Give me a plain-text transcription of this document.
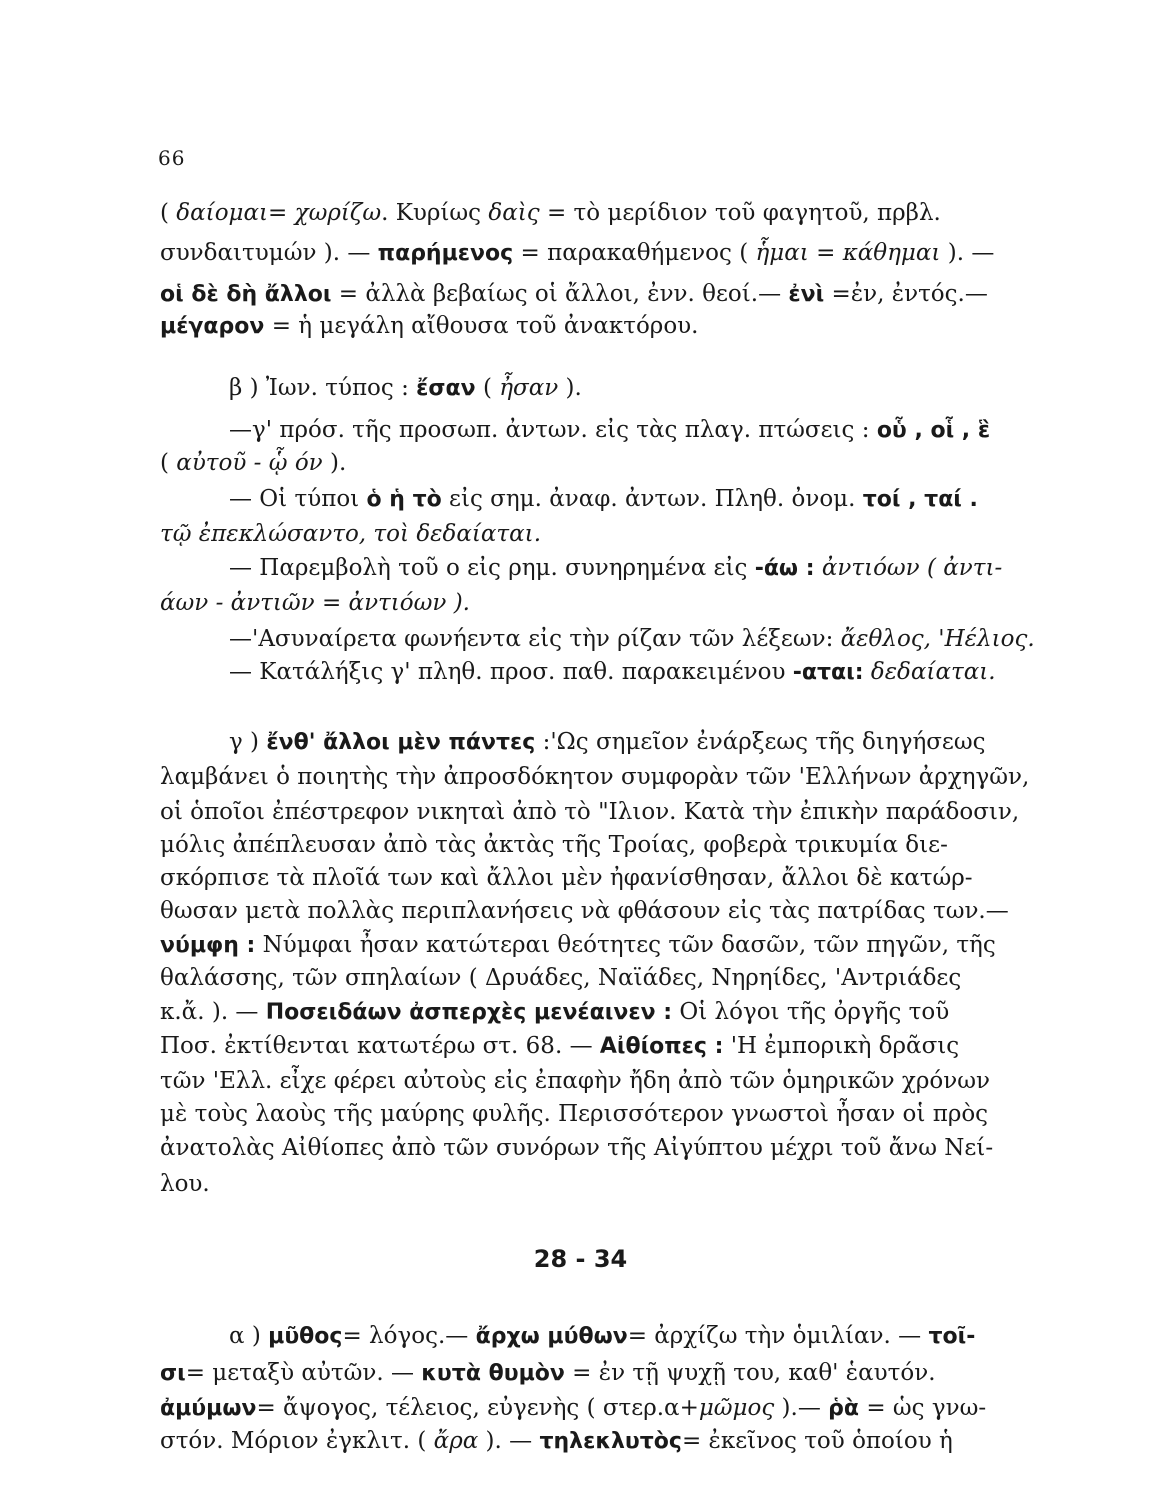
66
( δαίομαι= χωρίζω. Κυρίως δαὶς = τὸ μερίδιον τοῦ φαγητοῦ, πρβλ.
συνδαιτυμών ). — παρήμενος = παρακαθήμενος ( ἧμαι = κάθημαι ). —
οἱ δὲ δὴ ἄλλοι = ἀλλὰ βεβαίως οἱ ἄλλοι, ἐνν. θεοί.— ἐνὶ =ἐν, ἐντός.—
μέγαρον = ἡ μεγάλη αἴθουσα τοῦ ἀνακτόρου.
   β ) Ἰων. τύπος : ἔσαν ( ἦσαν ).
   —γ' πρόσ. τῆς προσωπ. ἀντων. εἰς τὰς πλαγ. πτώσεις : οὗ , οἷ , ἓ
( αὐτοῦ - ᾧ όν ).
   — Οἱ τύποι ὁ ἡ τὸ εἰς σημ. ἀναφ. ἀντων. Πληθ. ὀνομ. τοί , ταί .
τῷ ἐπεκλώσαντο, τοὶ δεδαίαται.
   — Παρεμβολὴ τοῦ ο εἰς ρημ. συνηρημένα εἰς -άω : ἀντιόων ( ἀντι-
άων - ἀντιῶν = ἀντιόων ).
   —'Ασυναίρετα φωνήεντα εἰς τὴν ρίζαν τῶν λέξεων: ἄεθλος, 'Ηέλιος.
   — Κατάλήξις γ' πληθ. προσ. παθ. παρακειμένου -αται: δεδαίαται.
   γ ) ἔνθ' ἄλλοι μὲν πάντες :'Ως σημεῖον ἐνάρξεως τῆς διηγήσεως
λαμβάνει ὁ ποιητὴς τὴν ἀπροσδόκητον συμφορὰν τῶν 'Ελλήνων ἀρχηγῶν,
οἱ ὁποῖοι ἐπέστρεφον νικηταὶ ἀπὸ τὸ "Ιλιον. Κατὰ τὴν ἐπικὴν παράδοσιν,
μόλις ἀπέπλευσαν ἀπὸ τὰς ἀκτὰς τῆς Τροίας, φοβερὰ τρικυμία διε-
σκόρπισε τὰ πλοῖά των καὶ ἄλλοι μὲν ἠφανίσθησαν, ἄλλοι δὲ κατώρ-
θωσαν μετὰ πολλὰς περιπλανήσεις νὰ φθάσουν εἰς τὰς πατρίδας των.—
νύμφη : Νύμφαι ἦσαν κατώτεραι θεότητες τῶν δασῶν, τῶν πηγῶν, τῆς
θαλάσσης, τῶν σπηλαίων ( Δρυάδες, Ναϊάδες, Νηρηίδες, 'Αντριάδες
κ.ἄ. ). — Ποσειδάων ἀσπερχὲς μενέαινεν : Οἱ λόγοι τῆς ὀργῆς τοῦ
Ποσ. ἐκτίθενται κατωτέρω στ. 68. — Αἰθίοπες : 'Η ἐμπορικὴ δρᾶσις
τῶν 'Ελλ. εἶχε φέρει αὐτοὺς εἰς ἐπαφὴν ἤδη ἀπὸ τῶν ὁμηρικῶν χρόνων
μὲ τοὺς λαοὺς τῆς μαύρης φυλῆς. Περισσότερον γνωστοὶ ἦσαν οἱ πρὸς
ἀνατολὰς Αἰθίοπες ἀπὸ τῶν συνόρων τῆς Αἰγύπτου μέχρι τοῦ ἄνω Νεί-
λου.
   α ) μῦθος= λόγος.— ἄρχω μύθων= ἀρχίζω τὴν ὁμιλίαν. — τοῖ-
σι= μεταξὺ αὐτῶν. — κυτὰ θυμὸν = ἐν τῇ ψυχῇ του, καθ' ἑαυτόν.
ἀμύμων= ἄψογος, τέλειος, εὐγενὴς ( στερ.α+μῶμος ).— ῥὰ = ὡς γνω-
στόν. Μόριον ἐγκλιτ. ( ἄρα ). — τηλεκλυτὸς= ἐκεῖνος τοῦ ὁποίου ἡ
28 - 34
